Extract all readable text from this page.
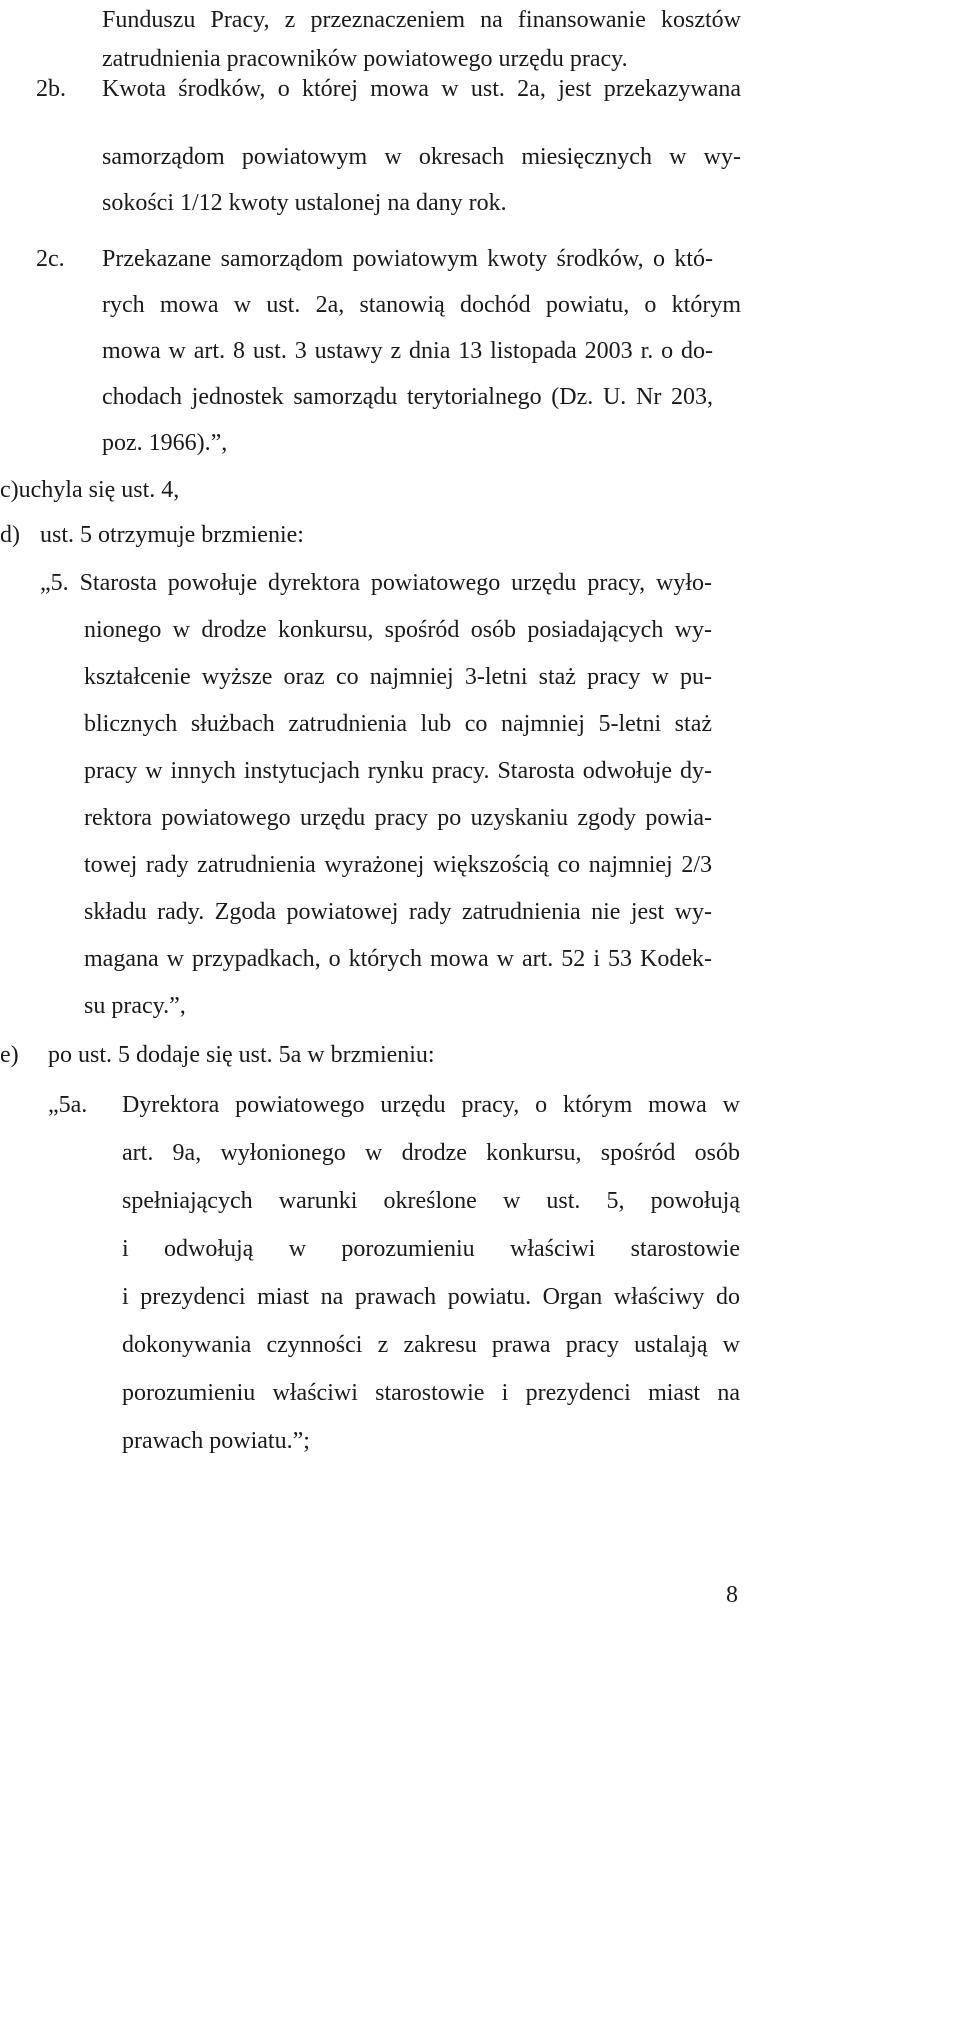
Funduszu Pracy, z przeznaczeniem na finansowanie kosztów
zatrudnienia pracowników powiatowego urzędu pracy.
2b. Kwota środków, o której mowa w ust. 2a, jest przekazywana
samorządom powiatowym w okresach miesięcznych w wy-
sokości 1/12 kwoty ustalonej na dany rok.
2c. Przekazane samorządom powiatowym kwoty środków, o któ-
rych mowa w ust. 2a, stanowią dochód powiatu, o którym
mowa w art. 8 ust. 3 ustawy z dnia 13 listopada 2003 r. o do-
chodach jednostek samorządu terytorialnego (Dz. U. Nr 203,
poz. 1966).”,
c)uchyla się ust. 4,
d) ust. 5 otrzymuje brzmienie:
„5. Starosta powołuje dyrektora powiatowego urzędu pracy, wyło-
nionego w drodze konkursu, spośród osób posiadających wy-
kształcenie wyższe oraz co najmniej 3-letni staż pracy w pu-
blicznych służbach zatrudnienia lub co najmniej 5-letni staż
pracy w innych instytucjach rynku pracy. Starosta odwołuje dy-
rektora powiatowego urzędu pracy po uzyskaniu zgody powia-
towej rady zatrudnienia wyrażonej większością co najmniej 2/3
składu rady. Zgoda powiatowej rady zatrudnienia nie jest wy-
magana w przypadkach, o których mowa w art. 52 i 53 Kodek-
su pracy.”,
e) po ust. 5 dodaje się ust. 5a w brzmieniu:
„5a. Dyrektora powiatowego urzędu pracy, o którym mowa w
art. 9a, wyłonionego w drodze konkursu, spośród osób
spełniających warunki określone w ust. 5, powołują
i odwołują w porozumieniu właściwi starostowie
i prezydenci miast na prawach powiatu. Organ właściwy do
dokonywania czynności z zakresu prawa pracy ustalają w
porozumieniu właściwi starostowie i prezydenci miast na
prawach powiatu.”;
8
